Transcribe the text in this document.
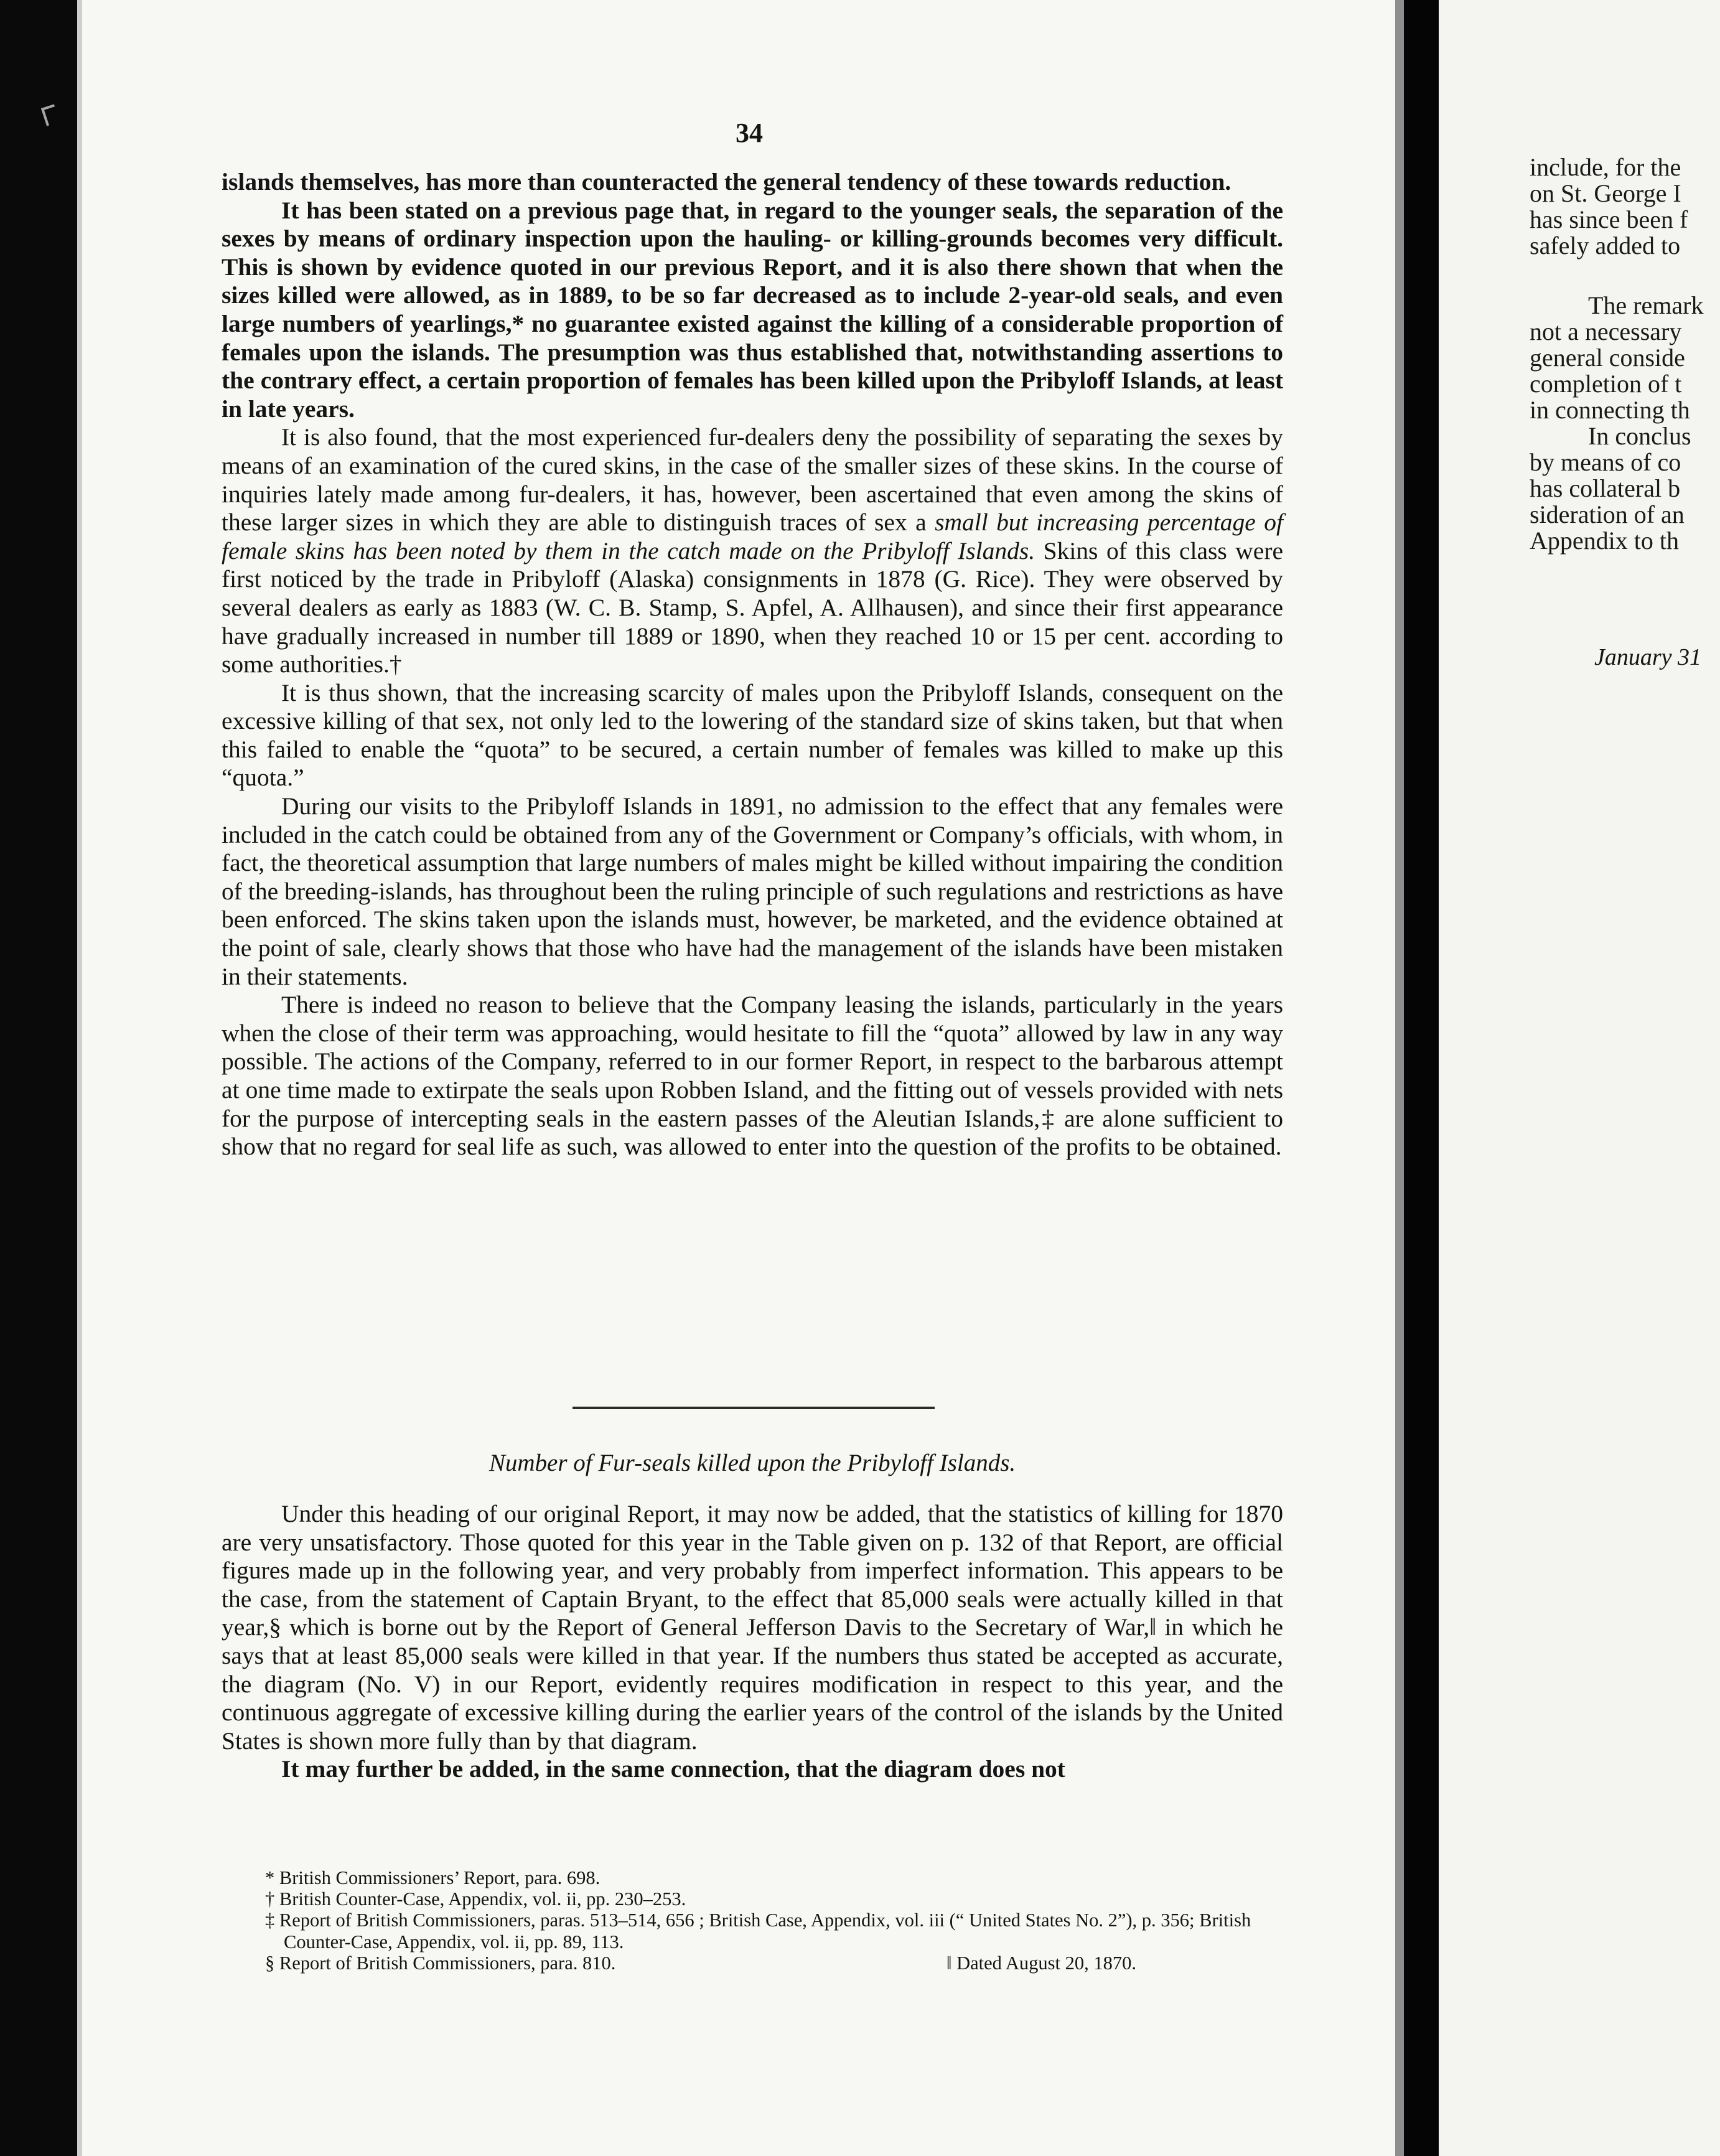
include, for the
on St. George I
has since been f
safely added to
The remark
not a necessary
general conside
completion of t
in connecting th
In conclus
by means of co
has collateral b
sideration of an
Appendix to th
January 31
34

islands themselves, has more than counteracted the general tendency of these towards reduction.

It has been stated on a previous page that, in regard to the younger seals, the separation of the sexes by means of ordinary inspection upon the hauling- or killing-grounds becomes very difficult. This is shown by evidence quoted in our previous Report, and it is also there shown that when the sizes killed were allowed, as in 1889, to be so far decreased as to include 2-year-old seals, and even large numbers of yearlings,* no guarantee existed against the killing of a considerable proportion of females upon the islands. The presumption was thus established that, notwithstanding assertions to the contrary effect, a certain proportion of females has been killed upon the Pribyloff Islands, at least in late years.

It is also found, that the most experienced fur-dealers deny the possibility of separating the sexes by means of an examination of the cured skins, in the case of the smaller sizes of these skins. In the course of inquiries lately made among fur-dealers, it has, however, been ascertained that even among the skins of these larger sizes in which they are able to distinguish traces of sex a small but increasing percentage of female skins has been noted by them in the catch made on the Pribyloff Islands. Skins of this class were first noticed by the trade in Pribyloff (Alaska) consignments in 1878 (G. Rice). They were observed by several dealers as early as 1883 (W. C. B. Stamp, S. Apfel, A. Allhausen), and since their first appearance have gradually increased in number till 1889 or 1890, when they reached 10 or 15 per cent. according to some authorities.†

It is thus shown, that the increasing scarcity of males upon the Pribyloff Islands, consequent on the excessive killing of that sex, not only led to the lowering of the standard size of skins taken, but that when this failed to enable the “quota” to be secured, a certain number of females was killed to make up this “quota.”

During our visits to the Pribyloff Islands in 1891, no admission to the effect that any females were included in the catch could be obtained from any of the Government or Company’s officials, with whom, in fact, the theoretical assumption that large numbers of males might be killed without impairing the condition of the breeding-islands, has throughout been the ruling principle of such regulations and restrictions as have been enforced. The skins taken upon the islands must, however, be marketed, and the evidence obtained at the point of sale, clearly shows that those who have had the management of the islands have been mistaken in their statements.

There is indeed no reason to believe that the Company leasing the islands, particularly in the years when the close of their term was approaching, would hesitate to fill the “quota” allowed by law in any way possible. The actions of the Company, referred to in our former Report, in respect to the barbarous attempt at one time made to extirpate the seals upon Robben Island, and the fitting out of vessels provided with nets for the purpose of intercepting seals in the eastern passes of the Aleutian Islands,‡ are alone sufficient to show that no regard for seal life as such, was allowed to enter into the question of the profits to be obtained.

Number of Fur-seals killed upon the Pribyloff Islands.

Under this heading of our original Report, it may now be added, that the statistics of killing for 1870 are very unsatisfactory. Those quoted for this year in the Table given on p. 132 of that Report, are official figures made up in the following year, and very probably from imperfect information. This appears to be the case, from the statement of Captain Bryant, to the effect that 85,000 seals were actually killed in that year,§ which is borne out by the Report of General Jefferson Davis to the Secretary of War,‖ in which he says that at least 85,000 seals were killed in that year. If the numbers thus stated be accepted as accurate, the diagram (No. V) in our Report, evidently requires modification in respect to this year, and the continuous aggregate of excessive killing during the earlier years of the control of the islands by the United States is shown more fully than by that diagram.

It may further be added, in the same connection, that the diagram does not

* British Commissioners’ Report, para. 698.
† British Counter-Case, Appendix, vol. ii, pp. 230–253.
‡ Report of British Commissioners, paras. 513–514, 656 ; British Case, Appendix, vol. iii (“ United States No. 2”), p. 356; British Counter-Case, Appendix, vol. ii, pp. 89, 113.
§ Report of British Commissioners, para. 810.	‖ Dated August 20, 1870.
